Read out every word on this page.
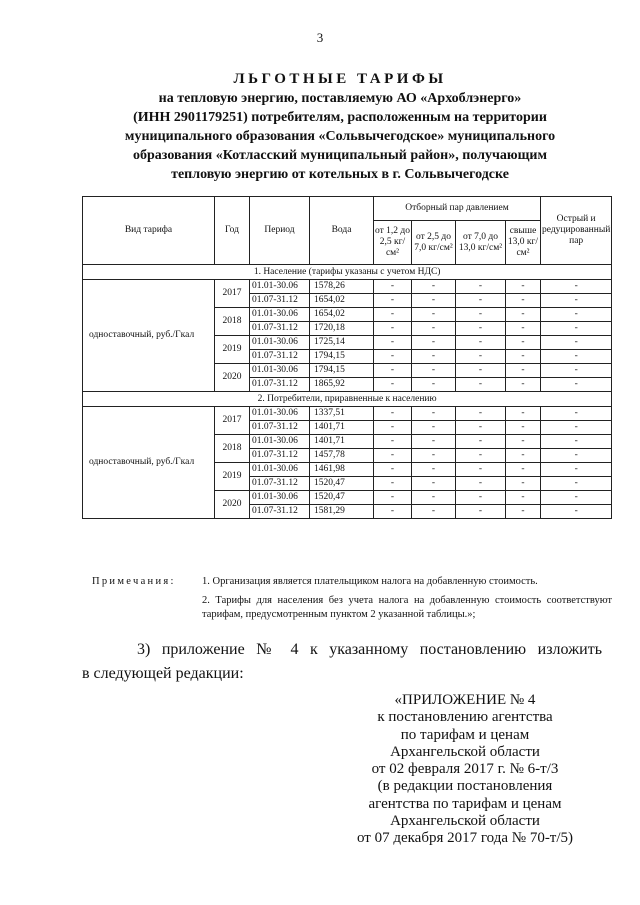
3
ЛЬГОТНЫЕ ТАРИФЫ
на тепловую энергию, поставляемую АО «Архоблэнерго»
(ИНН 2901179251) потребителям, расположенным на территории
муниципального образования «Сольвычегодское» муниципального
образования «Котласский муниципальный район», получающим
тепловую энергию от котельных в г. Сольвычегодске
Вид тарифа	Год	Период	Вода	Отборный пар давлением				Острый и редуцированный пар
				от 1,2 до 2,5 кг/см²	от 2,5 до 7,0 кг/см²	от 7,0 до 13,0 кг/см²	свыше 13,0 кг/см²	
1. Население (тарифы указаны с учетом НДС)								
одноставочный, руб./Гкал	2017	01.01-30.06	1578,26	-	-	-	-	-
		01.07-31.12	1654,02	-	-	-	-	-
	2018	01.01-30.06	1654,02	-	-	-	-	-
		01.07-31.12	1720,18	-	-	-	-	-
	2019	01.01-30.06	1725,14	-	-	-	-	-
		01.07-31.12	1794,15	-	-	-	-	-
	2020	01.01-30.06	1794,15	-	-	-	-	-
		01.07-31.12	1865,92	-	-	-	-	-
2. Потребители, приравненные к населению								
одноставочный, руб./Гкал	2017	01.01-30.06	1337,51	-	-	-	-	-
		01.07-31.12	1401,71	-	-	-	-	-
	2018	01.01-30.06	1401,71	-	-	-	-	-
		01.07-31.12	1457,78	-	-	-	-	-
	2019	01.01-30.06	1461,98	-	-	-	-	-
		01.07-31.12	1520,47	-	-	-	-	-
	2020	01.01-30.06	1520,47	-	-	-	-	-
		01.07-31.12	1581,29	-	-	-	-	-
Примечания:	1. Организация является плательщиком налога на добавленную стоимость.
2. Тарифы для населения без учета налога на добавленную стоимость соответствуют тарифам, предусмотренным пунктом 2 указанной таблицы.»;
3) приложение № 4 к указанному постановлению изложить
в следующей редакции:
«ПРИЛОЖЕНИЕ № 4
к постановлению агентства
по тарифам и ценам
Архангельской области
от 02 февраля 2017 г. № 6-т/3
(в редакции постановления
агентства по тарифам и ценам
Архангельской области
от 07 декабря 2017 года № 70-т/5)
